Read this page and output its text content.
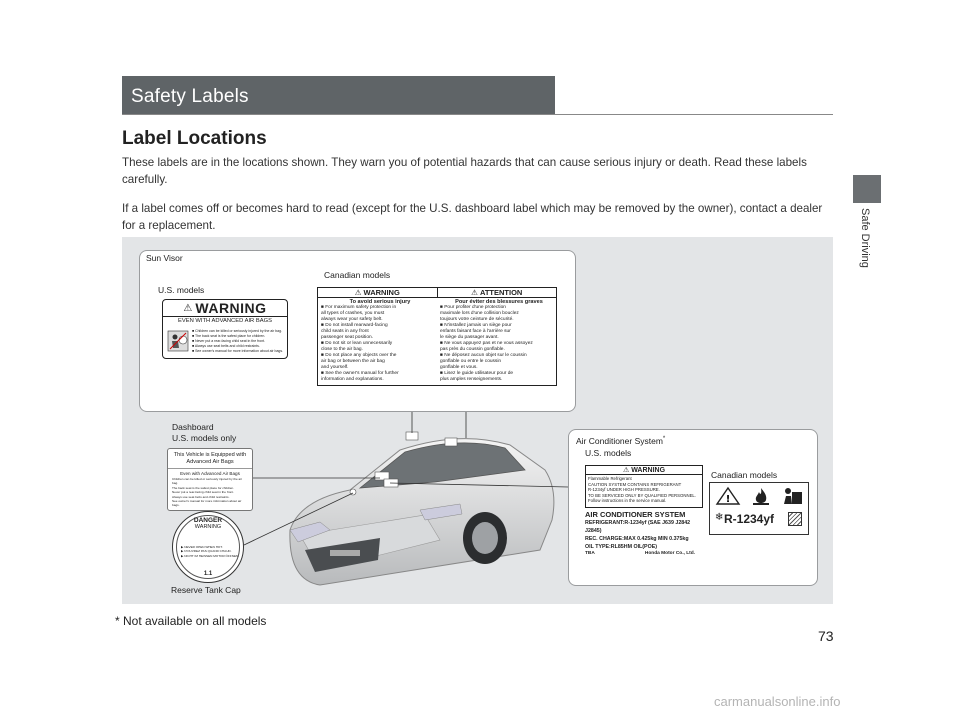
Safe Driving
Safety Labels
Label Locations

These labels are in the locations shown. They warn you of potential hazards that can cause serious injury or death. Read these labels carefully.

If a label comes off or becomes hard to read (except for the U.S. dashboard label which may be removed by the owner), contact a dealer for a replacement.

Sun Visor
Canadian models
U.S. models
⚠ WARNING
EVEN WITH ADVANCED AIR BAGS
■ Children can be killed or seriously injured by the air bag.
■ The back seat is the safest place for children.
■ Never put a rear-facing child seat in the front.
■ Always use seat belts and child restraints.
■ See owner's manual for more information about air bags.
⚠
WARNING	⚠
ATTENTION
To avoid serious injury
■ For maximum safety protection in
all types of crashes, you must
always wear your safety belt.
■ Do not install rearward-facing
child seats in any front
passenger seat position.
■ Do not sit or lean unnecessarily
close to the air bag.
■ Do not place any objects over the
air bag or between the air bag
and yourself.
■ See the owner's manual for further
information and explanations.
Pour éviter des blessures graves
■ Pour profiter d'une protection
maximale lors d'une collision bouclez
toujours votre ceinture de sécurité.
■ N'installez jamais un siège pour
enfants faisant face à l'arrière sur
le siège du passager avant.
■ Ne vous appuyez pas et ne vous assoyez
pas près du coussin gonflable.
■ Ne déposez aucun objet sur le coussin
gonflable ou entre le coussin
gonflable et vous.
■ Lisez le guide utilisateur pour de
plus amples renseignements.
Dashboard
U.S. models only
This Vehicle is Equipped with Advanced Air Bags
Even with Advanced Air Bags
Children can be killed or seriously injured by the air bag.
The back seat is the safest place for children.
Never put a rear-facing child seat in the front.
Always use seat belts and child restraints.
See owner's manual for more information about air bags.
To be removed by owner only.
DANGER
WARNING
▶ NEVER OPEN WHEN HOT.
▶ N'OUVREZ PAS QUAND CHAUD.
▶ NICHT IM HEISSEN MOTOR ÖFFNEN.
1.1
Reserve Tank Cap
Air Conditioner System*
U.S. models
Canadian models
⚠
WARNING
Flammable Refrigerant
CAUTION SYSTEM CONTAINS REFRIGERANT
R-1234yf UNDER HIGH PRESSURE.
TO BE SERVICED ONLY BY QUALIFIED PERSONNEL.
Follow instructions in the service manual.
AIR CONDITIONER SYSTEM
REFRIGERANT:R-1234yf (SAE J639 J2842 J2845)
REC. CHARGE:MAX 0.425kg MIN 0.375kg
OIL TYPE:RL85HM OIL(POE)
TBA	Honda Motor Co., Ltd.
!
❄ R-1234yf
* Not available on all models
73
carmanualsonline.info
